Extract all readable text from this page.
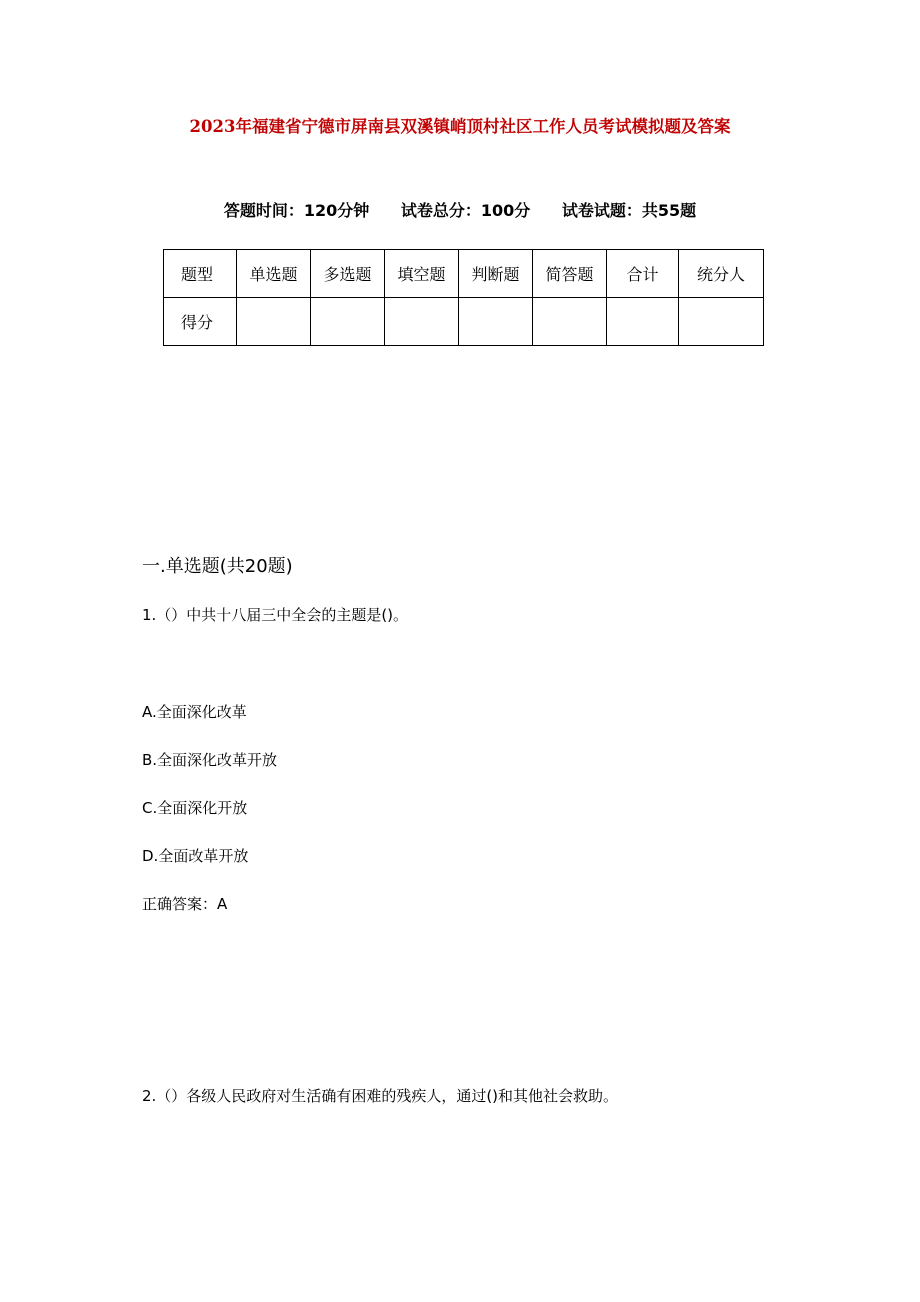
2023年福建省宁德市屏南县双溪镇峭顶村社区工作人员考试模拟题及答案
答题时间：120分钟 试卷总分：100分 试卷试题：共55题
题型	单选题	多选题	填空题	判断题	简答题	合计	统分人
得分							
一.单选题(共20题)
1.（）中共十八届三中全会的主题是()。
A.全面深化改革
B.全面深化改革开放
C.全面深化开放
D.全面改革开放
正确答案：A
2.（）各级人民政府对生活确有困难的残疾人，通过()和其他社会救助。
